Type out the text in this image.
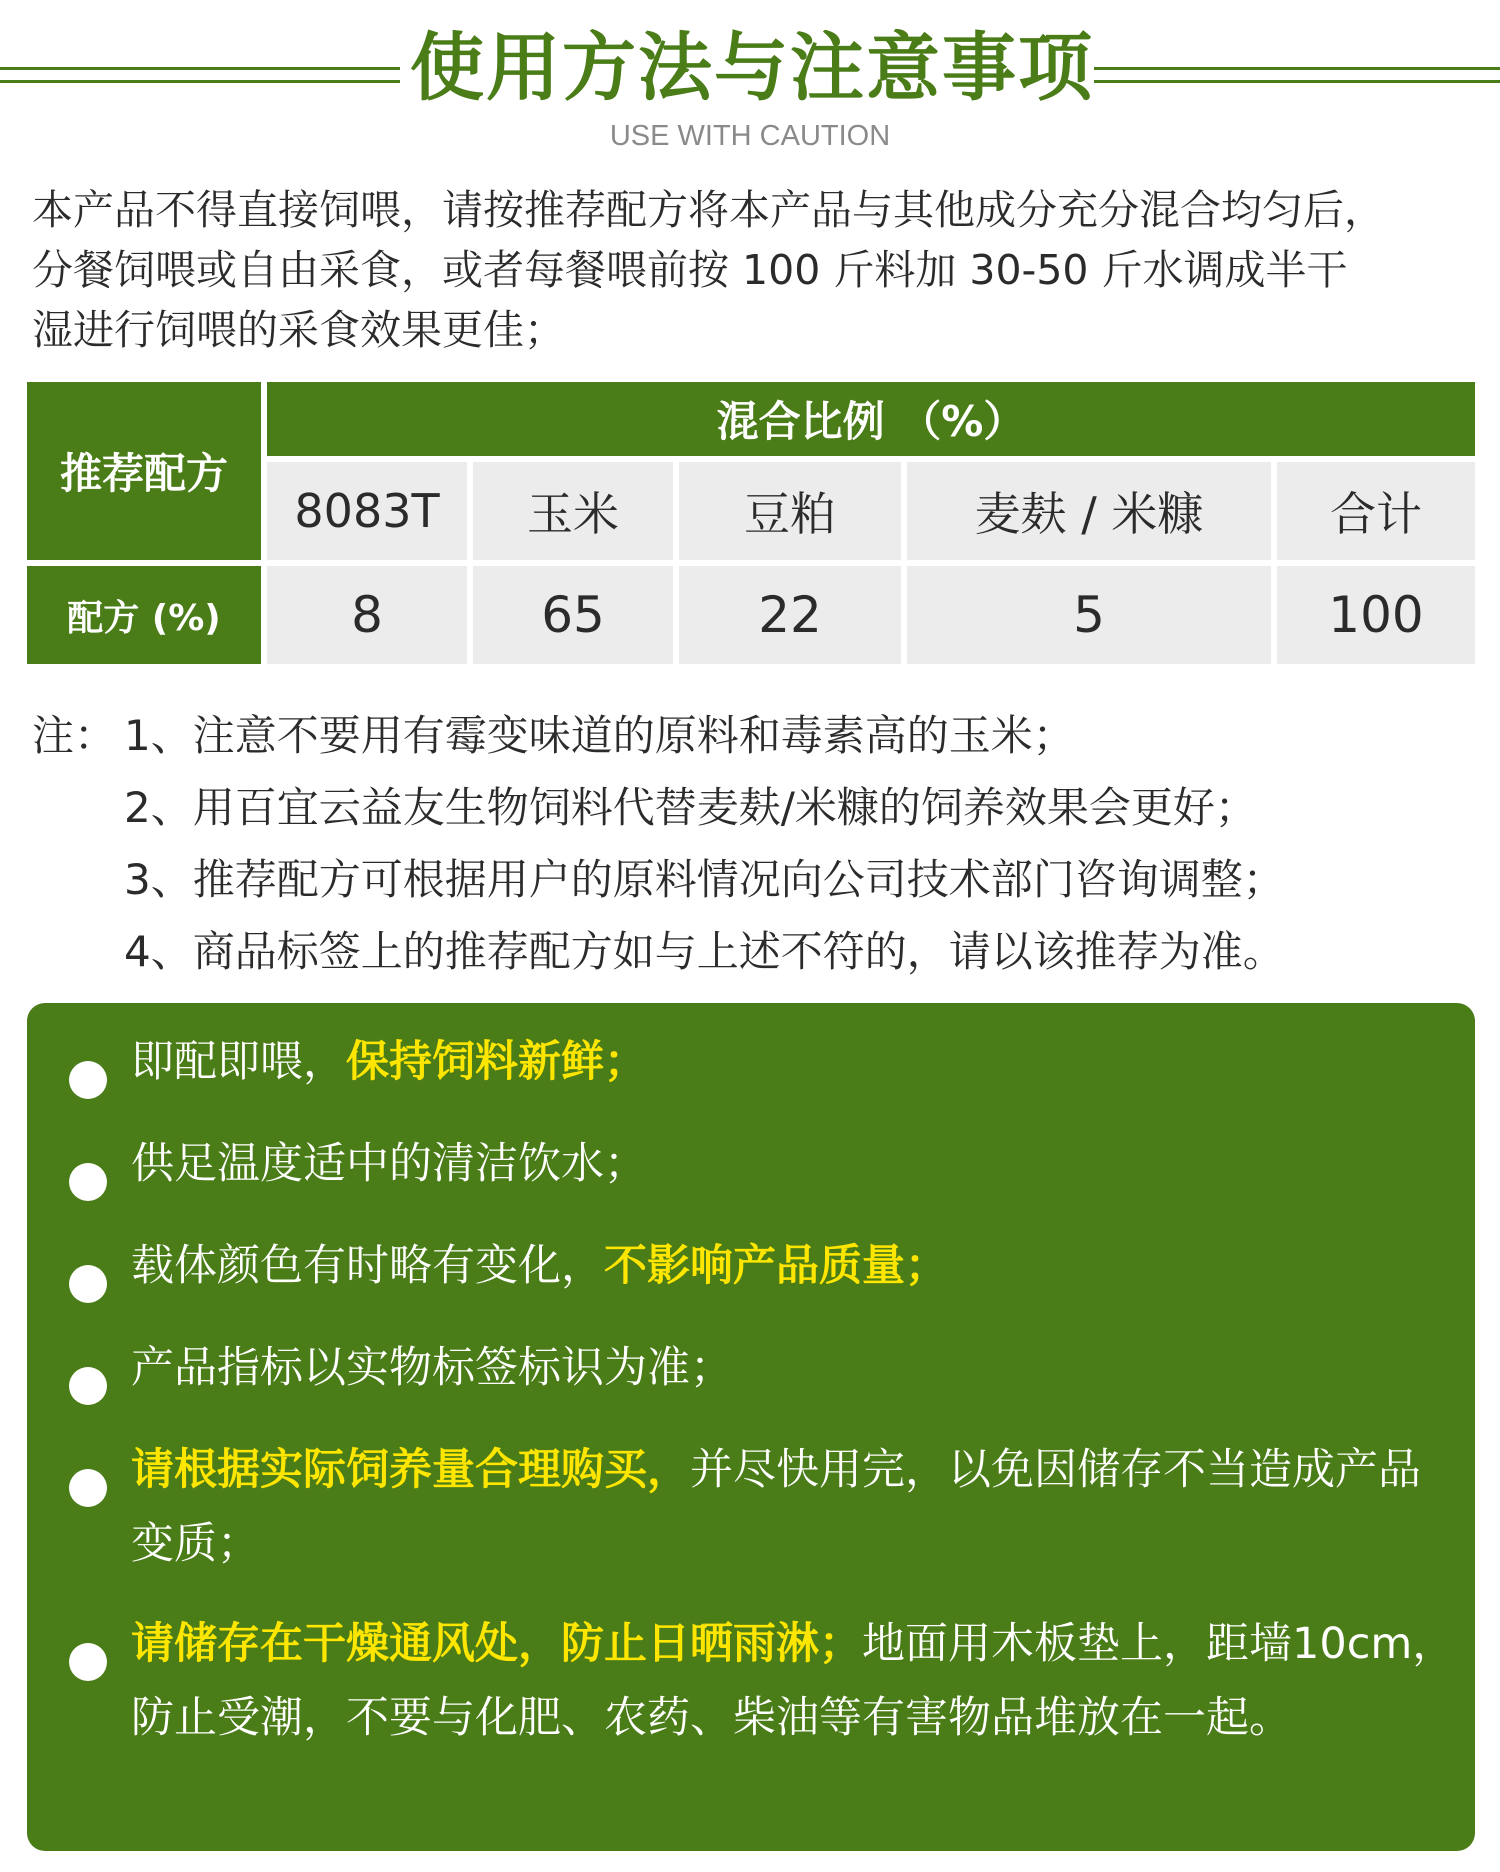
使用方法与注意事项
USE WITH CAUTION
本产品不得直接饲喂，请按推荐配方将本产品与其他成分充分混合均匀后，
分餐饲喂或自由采食，或者每餐喂前按 100 斤料加 30-50 斤水调成半干
湿进行饲喂的采食效果更佳；
推荐配方
混合比例 （%）
8083T	玉米	豆粕	麦麸 / 米糠	合计
配方 (%)	8	65	22	5	100
注： 1、注意不要用有霉变味道的原料和毒素高的玉米；
2、用百宜云益友生物饲料代替麦麸/米糠的饲养效果会更好；
3、推荐配方可根据用户的原料情况向公司技术部门咨询调整；
4、商品标签上的推荐配方如与上述不符的，请以该推荐为准。
即配即喂，保持饲料新鲜；
供足温度适中的清洁饮水；
载体颜色有时略有变化，不影响产品质量；
产品指标以实物标签标识为准；
请根据实际饲养量合理购买，并尽快用完，以免因储存不当造成产品变质；
请储存在干燥通风处，防止日晒雨淋；地面用木板垫上，距墙10cm，防止受潮，不要与化肥、农药、柴油等有害物品堆放在一起。
